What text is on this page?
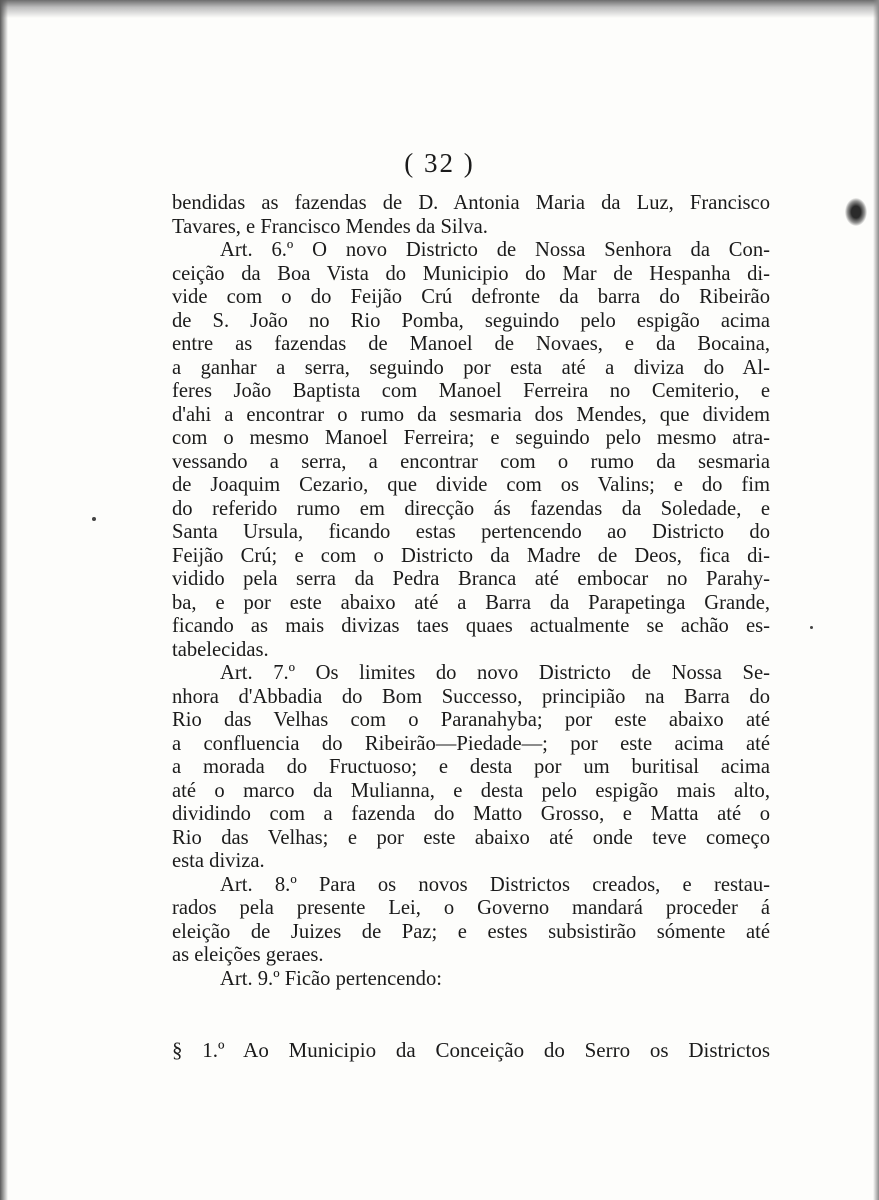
( 32 )
bendidas as fazendas de D. Antonia Maria da Luz, Francisco
Tavares, e Francisco Mendes da Silva.
Art. 6.º O novo Districto de Nossa Senhora da Con-
ceição da Boa Vista do Municipio do Mar de Hespanha di-
vide com o do Feijão Crú defronte da barra do Ribeirão
de S. João no Rio Pomba, seguindo pelo espigão acima
entre as fazendas de Manoel de Novaes, e da Bocaina,
a ganhar a serra, seguindo por esta até a diviza do Al-
feres João Baptista com Manoel Ferreira no Cemiterio, e
d'ahi a encontrar o rumo da sesmaria dos Mendes, que dividem
com o mesmo Manoel Ferreira; e seguindo pelo mesmo atra-
vessando a serra, a encontrar com o rumo da sesmaria
de Joaquim Cezario, que divide com os Valins; e do fim
do referido rumo em direcção ás fazendas da Soledade, e
Santa Ursula, ficando estas pertencendo ao Districto do
Feijão Crú; e com o Districto da Madre de Deos, fica di-
vidido pela serra da Pedra Branca até embocar no Parahy-
ba, e por este abaixo até a Barra da Parapetinga Grande,
ficando as mais divizas taes quaes actualmente se achão es-
tabelecidas.
Art. 7.º Os limites do novo Districto de Nossa Se-
nhora d'Abbadia do Bom Successo, principião na Barra do
Rio das Velhas com o Paranahyba; por este abaixo até
a confluencia do Ribeirão—Piedade—; por este acima até
a morada do Fructuoso; e desta por um buritisal acima
até o marco da Mulianna, e desta pelo espigão mais alto,
dividindo com a fazenda do Matto Grosso, e Matta até o
Rio das Velhas; e por este abaixo até onde teve começo
esta diviza.
Art. 8.º Para os novos Districtos creados, e restau-
rados pela presente Lei, o Governo mandará proceder á
eleição de Juizes de Paz; e estes subsistirão sómente até
as eleições geraes.
Art. 9.º Ficão pertencendo:
§ 1.º Ao Municipio da Conceição do Serro os Districtos
